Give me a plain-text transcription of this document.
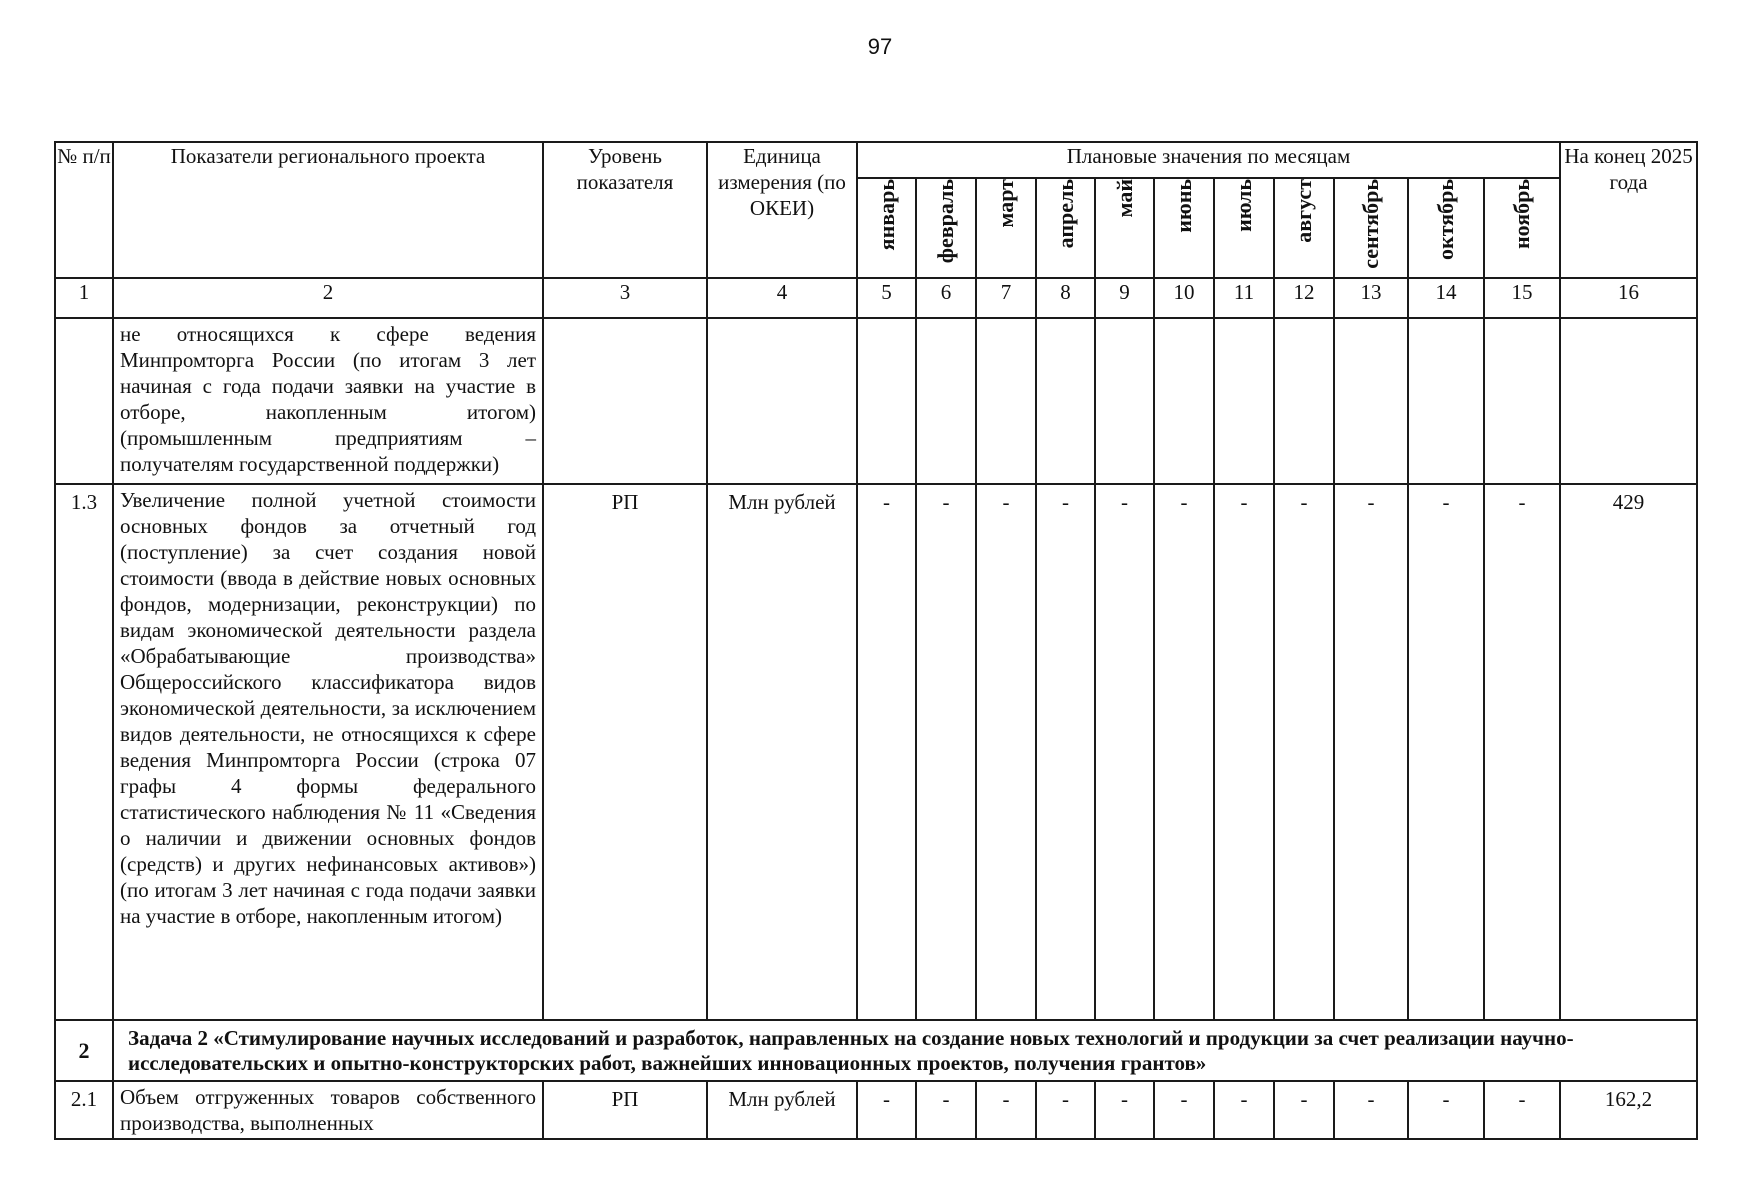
97
№ п/п	Показатели регионального проекта	Уровень показателя	Единица измерения (по ОКЕИ)	Плановые значения по месяцам											На конец 2025 года
				январь	февраль	март	апрель	май	июнь	июль	август	сентябрь	октябрь	ноябрь	
1	2	3	4	5	6	7	8	9	10	11	12	13	14	15	16
	не относящихся к сфере ведения Минпромторга России (по итогам 3 лет начиная с года подачи заявки на участие в отборе, накопленным итогом) (промышленным предприятиям – получателям государственной поддержки)														
1.3	Увеличение полной учетной стоимости основных фондов за отчетный год (поступление) за счет создания новой стоимости (ввода в действие новых основных фондов, модернизации, реконструкции) по видам экономической деятельности раздела «Обрабатывающие производства» Общероссийского классификатора видов экономической деятельности, за исключением видов деятельности, не относящихся к сфере ведения Минпромторга России (строка 07 графы 4 формы федерального статистического наблюдения № 11 «Сведения о наличии и движении основных фондов (средств) и других нефинансовых активов») (по итогам 3 лет начиная с года подачи заявки на участие в отборе, накопленным итогом)	РП	Млн рублей	-	-	-	-	-	-	-	-	-	-	-	429
2	Задача 2 «Стимулирование научных исследований и разработок, направленных на создание новых технологий и продукции за счет реализации научно-исследовательских и опытно-конструкторских работ, важнейших инновационных проектов, получения грантов»														
2.1	Объем отгруженных товаров собственного производства, выполненных	РП	Млн рублей	-	-	-	-	-	-	-	-	-	-	-	162,2
